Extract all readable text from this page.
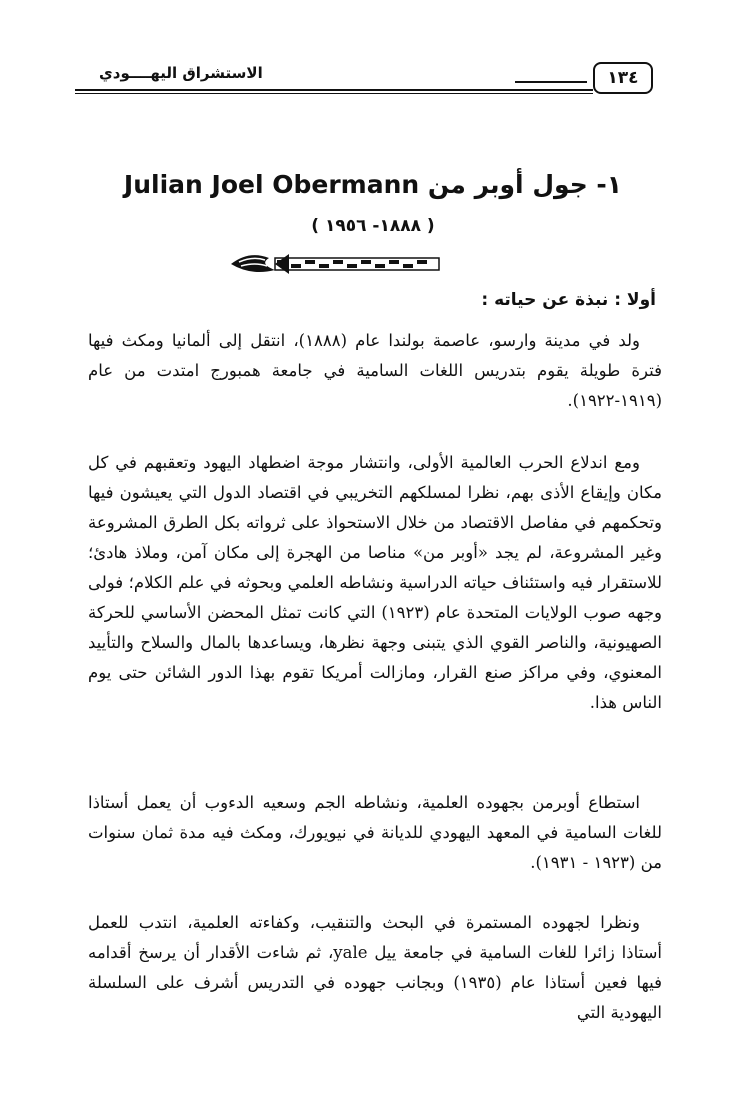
الاستشراق اليهــــودي	١٣٤
١- جول أوبر من Julian Joel Obermann
( ١٨٨٨- ١٩٥٦ )
أولا : نبذة عن حياته :

ولد في مدينة وارسو، عاصمة بولندا عام (١٨٨٨)، انتقل إلى ألمانيا ومكث فيها فترة طويلة يقوم بتدريس اللغات السامية في جامعة همبورج امتدت من عام (١٩١٩-١٩٢٢).

ومع اندلاع الحرب العالمية الأولى، وانتشار موجة اضطهاد اليهود وتعقبهم في كل مكان وإيقاع الأذى بهم، نظرا لمسلكهم التخريبي في اقتصاد الدول التي يعيشون فيها وتحكمهم في مفاصل الاقتصاد من خلال الاستحواذ على ثرواته بكل الطرق المشروعة وغير المشروعة، لم يجد «أوبر من» مناصا من الهجرة إلى مكان آمن، وملاذ هادئ؛ للاستقرار فيه واستئناف حياته الدراسية ونشاطه العلمي وبحوثه في علم الكلام؛ فولى وجهه صوب الولايات المتحدة عام (١٩٢٣) التي كانت تمثل المحضن الأساسي للحركة الصهيونية، والناصر القوي الذي يتبنى وجهة نظرها، ويساعدها بالمال والسلاح والتأييد المعنوي، وفي مراكز صنع القرار، ومازالت أمريكا تقوم بهذا الدور الشائن حتى يوم الناس هذا.

استطاع أوبرمن بجهوده العلمية، ونشاطه الجم وسعيه الدءوب أن يعمل أستاذا للغات السامية في المعهد اليهودي للديانة في نيويورك، ومكث فيه مدة ثمان سنوات من (١٩٢٣ - ١٩٣١).

ونظرا لجهوده المستمرة في البحث والتنقيب، وكفاءته العلمية، انتدب للعمل أستاذا زائرا للغات السامية في جامعة ييل yale، ثم شاءت الأقدار أن يرسخ أقدامه فيها فعين أستاذا عام (١٩٣٥) وبجانب جهوده في التدريس أشرف على السلسلة اليهودية التي
